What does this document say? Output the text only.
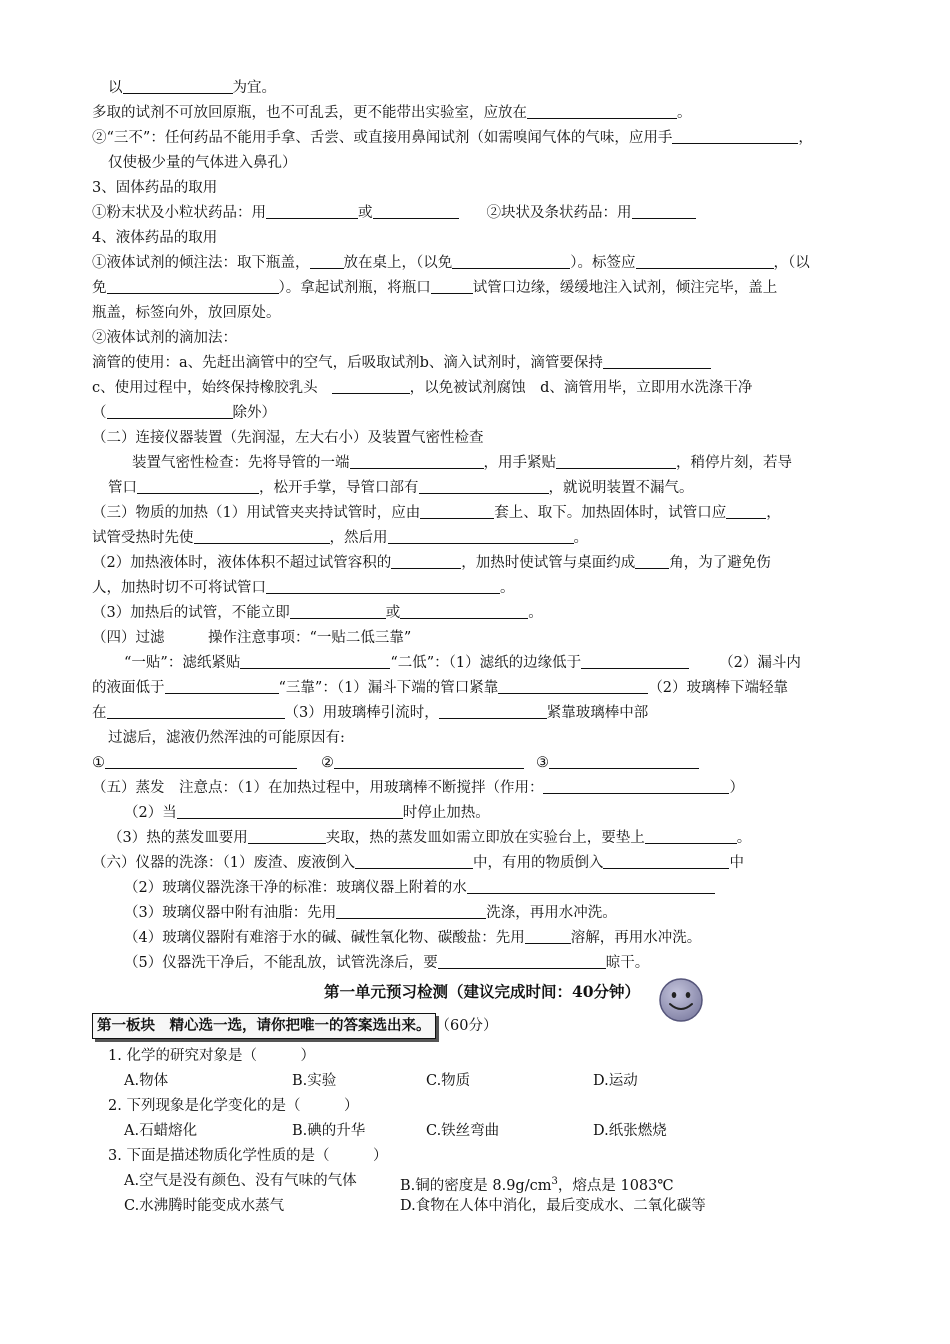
以	为宜。
多取的试剂不可放回原瓶，也不可乱丢，更不能带出实验室，应放在	。
②“三不”：任何药品不能用手拿、舌尝、或直接用鼻闻试剂（如需嗅闻气体的气味，应用手	，
仅使极少量的气体进入鼻孔）
3、固体药品的取用
①粉末状及小粒状药品：用	或	②块状及条状药品：用
4、液体药品的取用
①液体试剂的倾注法：取下瓶盖， 放在桌上，（以免	）。标签应	，（以
免	）。拿起试剂瓶，将瓶口	试管口边缘，缓缓地注入试剂，倾注完毕，盖上
瓶盖，标签向外，放回原处。
②液体试剂的滴加法：
滴管的使用：a、先赶出滴管中的空气，后吸取试剂b、滴入试剂时，滴管要保持
c、使用过程中，始终保持橡胶乳头	，以免被试剂腐蚀　d、滴管用毕，立即用水洗涤干净
（	除外）
（二）连接仪器装置（先润湿，左大右小）及装置气密性检查
装置气密性检查：先将导管的一端	，用手紧贴	，稍停片刻，若导
管口	，松开手掌，导管口部有	，就说明装置不漏气。
（三）物质的加热（1）用试管夹夹持试管时，应由	套上、取下。加热固体时，试管口应	，
试管受热时先使	，然后用	。
（2）加热液体时，液体体积不超过试管容积的	，加热时使试管与桌面约成 角，为了避免伤
人，加热时切不可将试管口	。
（3）加热后的试管，不能立即	或	。
（四）过滤　　　操作注意事项：“一贴二低三靠”
“一贴”：滤纸紧贴	“二低”：（1）滤纸的边缘低于	（2）漏斗内
的液面低于	“三靠”：（1）漏斗下端的管口紧靠	（2）玻璃棒下端轻靠
在	（3）用玻璃棒引流时，	紧靠玻璃棒中部
过滤后，滤液仍然浑浊的可能原因有:
①	②	③
（五）蒸发　注意点：（1）在加热过程中，用玻璃棒不断搅拌（作用：	）
（2）当	时停止加热。
（3）热的蒸发皿要用	夹取，热的蒸发皿如需立即放在实验台上，要垫上	。
（六）仪器的洗涤：（1）废渣、废液倒入	中，有用的物质倒入	中
（2）玻璃仪器洗涤干净的标准：玻璃仪器上附着的水
（3）玻璃仪器中附有油脂：先用	洗涤，再用水冲洗。
（4）玻璃仪器附有难溶于水的碱、碱性氧化物、碳酸盐：先用	溶解，再用水冲洗。
（5）仪器洗干净后，不能乱放，试管洗涤后，要	晾干。
第一单元预习检测（建议完成时间：40分钟）
第一板块　精心选一选，请你把唯一的答案选出来。 （60分）
1. 化学的研究对象是（　　　）
A.物体	B.实验	C.物质	D.运动
2. 下列现象是化学变化的是（　　　）
A.石蜡熔化	B.碘的升华	C.铁丝弯曲	D.纸张燃烧
3. 下面是描述物质化学性质的是（　　　）
A.空气是没有颜色、没有气味的气体	B.铜的密度是 $8.9g/cm^3$，熔点是 1083℃
C.水沸腾时能变成水蒸气	D.食物在人体中消化，最后变成水、二氧化碳等
